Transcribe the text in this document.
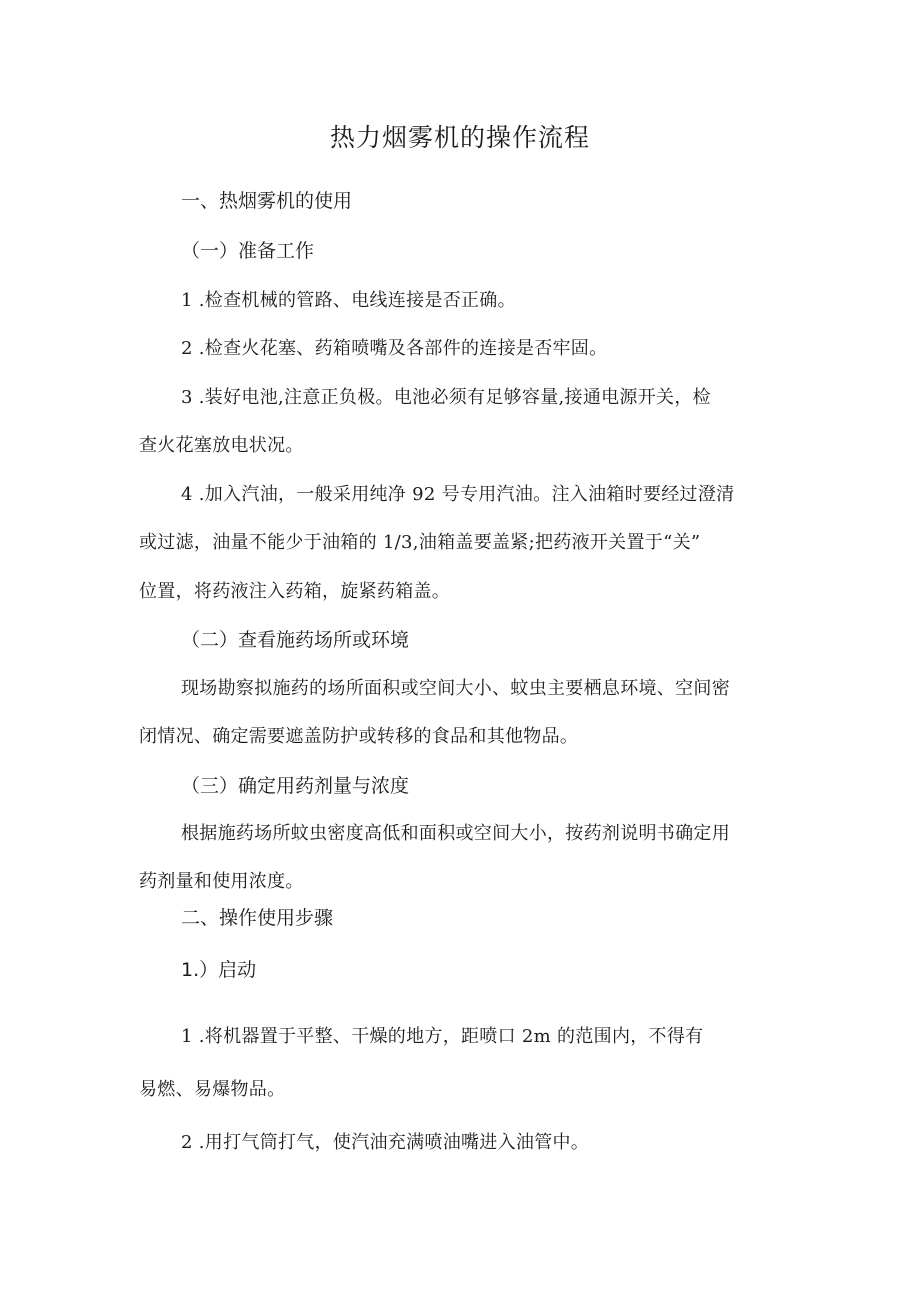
热力烟雾机的操作流程
一、热烟雾机的使用
（一）准备工作
1 .检查机械的管路、电线连接是否正确。
2 .检查火花塞、药箱喷嘴及各部件的连接是否牢固。
3 .装好电池,注意正负极。电池必须有足够容量,接通电源开关，检
查火花塞放电状况。
4 .加入汽油，一般采用纯净 92 号专用汽油。注入油箱时要经过澄清
或过滤，油量不能少于油箱的 1/3,油箱盖要盖紧;把药液开关置于“关”
位置，将药液注入药箱，旋紧药箱盖。
（二）查看施药场所或环境
现场勘察拟施药的场所面积或空间大小、蚊虫主要栖息环境、空间密
闭情况、确定需要遮盖防护或转移的食品和其他物品。
（三）确定用药剂量与浓度
根据施药场所蚊虫密度高低和面积或空间大小，按药剂说明书确定用
药剂量和使用浓度。
二、操作使用步骤
1.）启动
1 .将机器置于平整、干燥的地方，距喷口 2m 的范围内，不得有
易燃、易爆物品。
2 .用打气筒打气，使汽油充满喷油嘴进入油管中。
